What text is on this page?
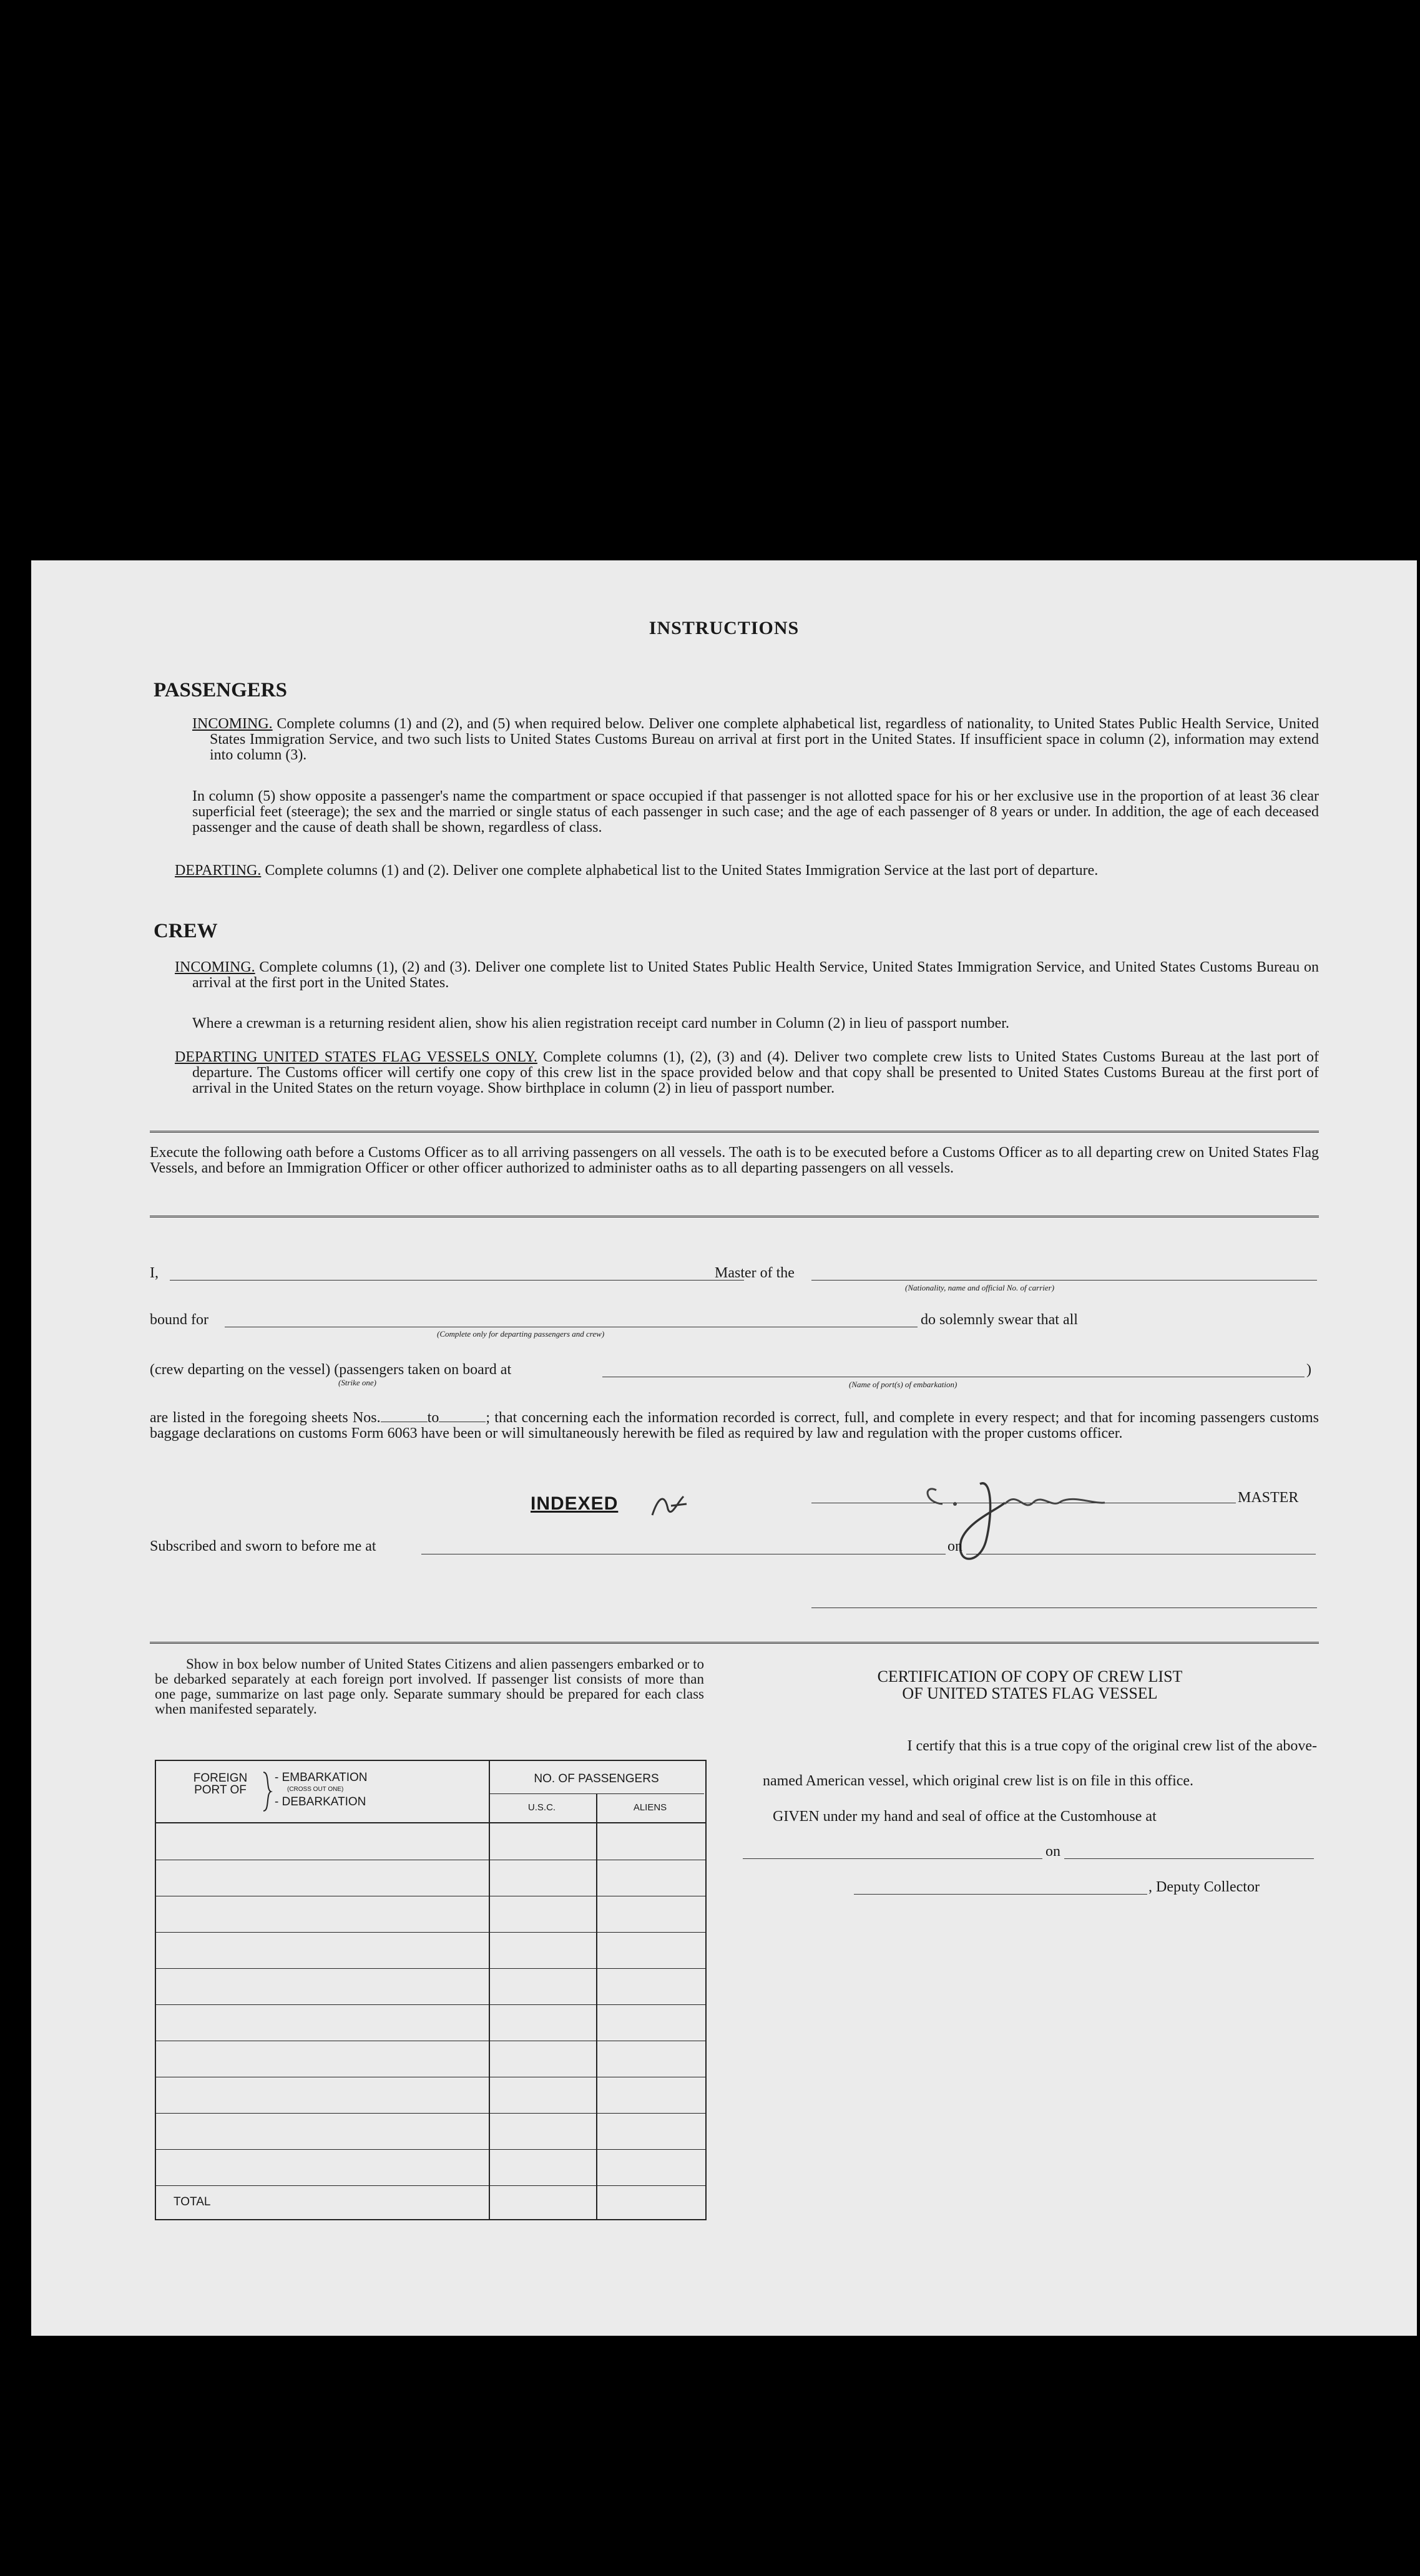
INSTRUCTIONS
PASSENGERS
INCOMING. Complete columns (1) and (2), and (5) when required below. Deliver one complete alphabetical list, regardless of nationality, to United States Public Health Service, United States Immigration Service, and two such lists to United States Customs Bureau on arrival at first port in the United States. If insufficient space in column (2), information may extend into column (3).
In column (5) show opposite a passenger's name the compartment or space occupied if that passenger is not allotted space for his or her exclusive use in the proportion of at least 36 clear superficial feet (steerage); the sex and the married or single status of each passenger in such case; and the age of each passenger of 8 years or under. In addition, the age of each deceased passenger and the cause of death shall be shown, regardless of class.
DEPARTING. Complete columns (1) and (2). Deliver one complete alphabetical list to the United States Immigration Service at the last port of departure.
CREW
INCOMING. Complete columns (1), (2) and (3). Deliver one complete list to United States Public Health Service, United States Immigration Service, and United States Customs Bureau on arrival at the first port in the United States.
Where a crewman is a returning resident alien, show his alien registration receipt card number in Column (2) in lieu of passport number.
DEPARTING UNITED STATES FLAG VESSELS ONLY. Complete columns (1), (2), (3) and (4). Deliver two complete crew lists to United States Customs Bureau at the last port of departure. The Customs officer will certify one copy of this crew list in the space provided below and that copy shall be presented to United States Customs Bureau at the first port of arrival in the United States on the return voyage. Show birthplace in column (2) in lieu of passport number.
Execute the following oath before a Customs Officer as to all arriving passengers on all vessels. The oath is to be executed before a Customs Officer as to all departing crew on United States Flag Vessels, and before an Immigration Officer or other officer authorized to administer oaths as to all departing passengers on all vessels.
I,	Master of the
(Nationality, name and official No. of carrier)
bound for
(Complete only for departing passengers and crew)
do solemnly swear that all
(crew departing on the vessel) (passengers taken on board at
(Strike one)	(Name of port(s) of embarkation)
)
are listed in the foregoing sheets Nos.	to	; that concerning each the information recorded is correct, full, and complete in every respect; and that for incoming passengers customs baggage declarations on customs Form 6063 have been or will simultaneously herewith be filed as required by law and regulation with the proper customs officer.
INDEXED	MASTER
Subscribed and sworn to before me at	on
Show in box below number of United States Citizens and alien passengers embarked or to be debarked separately at each foreign port involved. If passenger list consists of more than one page, summarize on last page only. Separate summary should be prepared for each class when manifested separately.
FOREIGN PORT OF
- EMBARKATION
(CROSS OUT ONE)
- DEBARKATION
NO. OF PASSENGERS
U.S.C.	ALIENS
TOTAL
CERTIFICATION OF COPY OF CREW LIST
OF UNITED STATES FLAG VESSEL
I certify that this is a true copy of the original crew list of the above-
named American vessel, which original crew list is on file in this office.
GIVEN under my hand and seal of office at the Customhouse at
on
, Deputy Collector
